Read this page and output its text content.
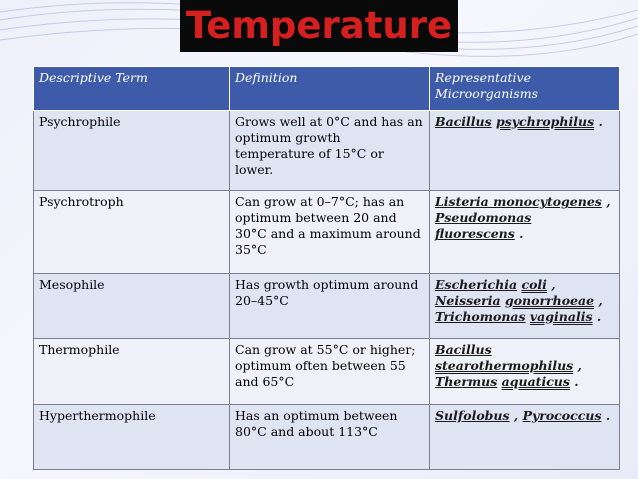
Temperature
Descriptive Term	Definition	Representative Microorganisms
Psychrophile	Grows well at 0°C and has an optimum growth temperature of 15°C or lower.	Bacillus psychrophilus .
Psychrotroph	Can grow at 0–7°C; has an optimum between 20 and 30°C and a maximum around 35°C	Listeria monocytogenes , Pseudomonas fluorescens .
Mesophile	Has growth optimum around 20–45°C	Escherichia coli , Neisseria gonorrhoeae , Trichomonas vaginalis .
Thermophile	Can grow at 55°C or higher; optimum often between 55 and 65°C	Bacillus stearothermophilus , Thermus aquaticus .
Hyperthermophile	Has an optimum between 80°C and about 113°C	Sulfolobus , Pyrococcus .
